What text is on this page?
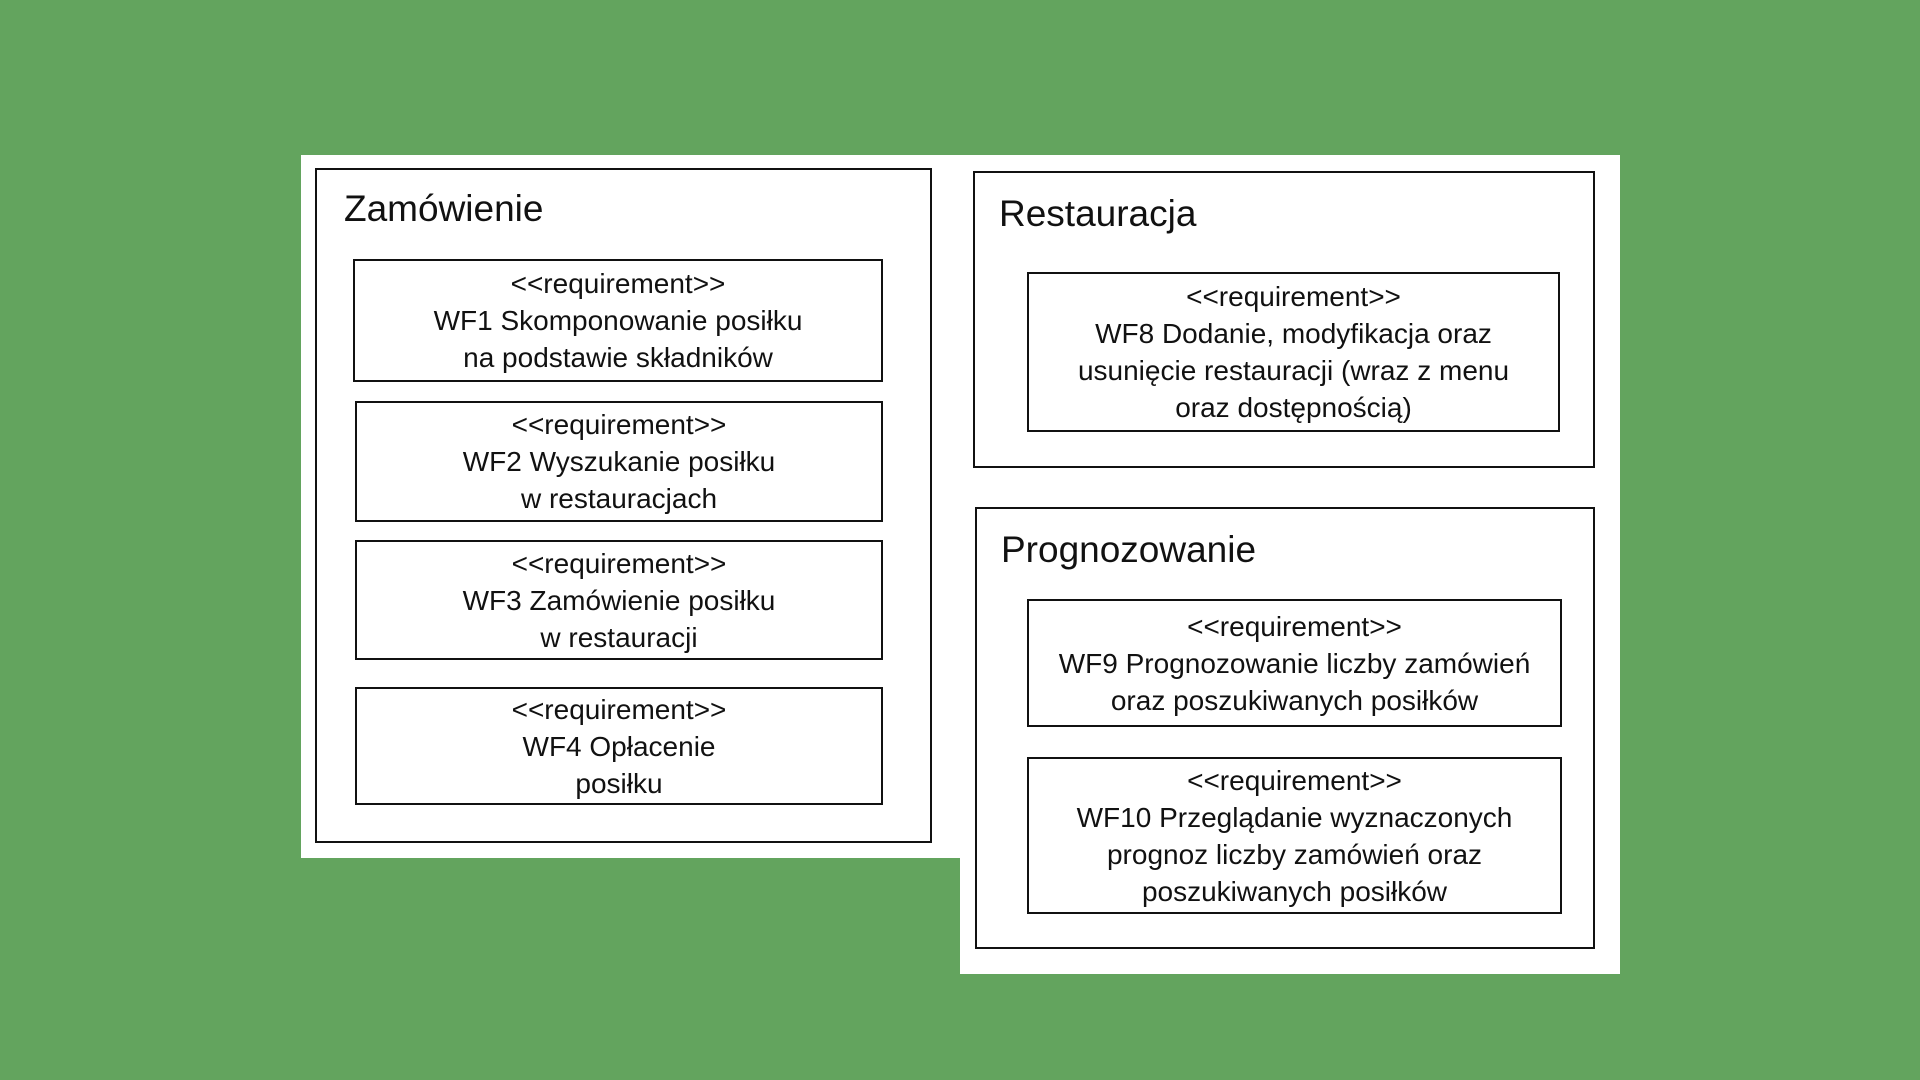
Zamówienie
<<requirement>>
WF1 Skomponowanie posiłku
na podstawie składników
<<requirement>>
WF2 Wyszukanie posiłku
w restauracjach
<<requirement>>
WF3 Zamówienie posiłku
w restauracji
<<requirement>>
WF4 Opłacenie
posiłku
Restauracja
<<requirement>>
WF8 Dodanie, modyfikacja oraz
usunięcie restauracji (wraz z menu
oraz dostępnością)
Prognozowanie
<<requirement>>
WF9 Prognozowanie liczby zamówień
oraz poszukiwanych posiłków
<<requirement>>
WF10 Przeglądanie wyznaczonych
prognoz liczby zamówień oraz
poszukiwanych posiłków
